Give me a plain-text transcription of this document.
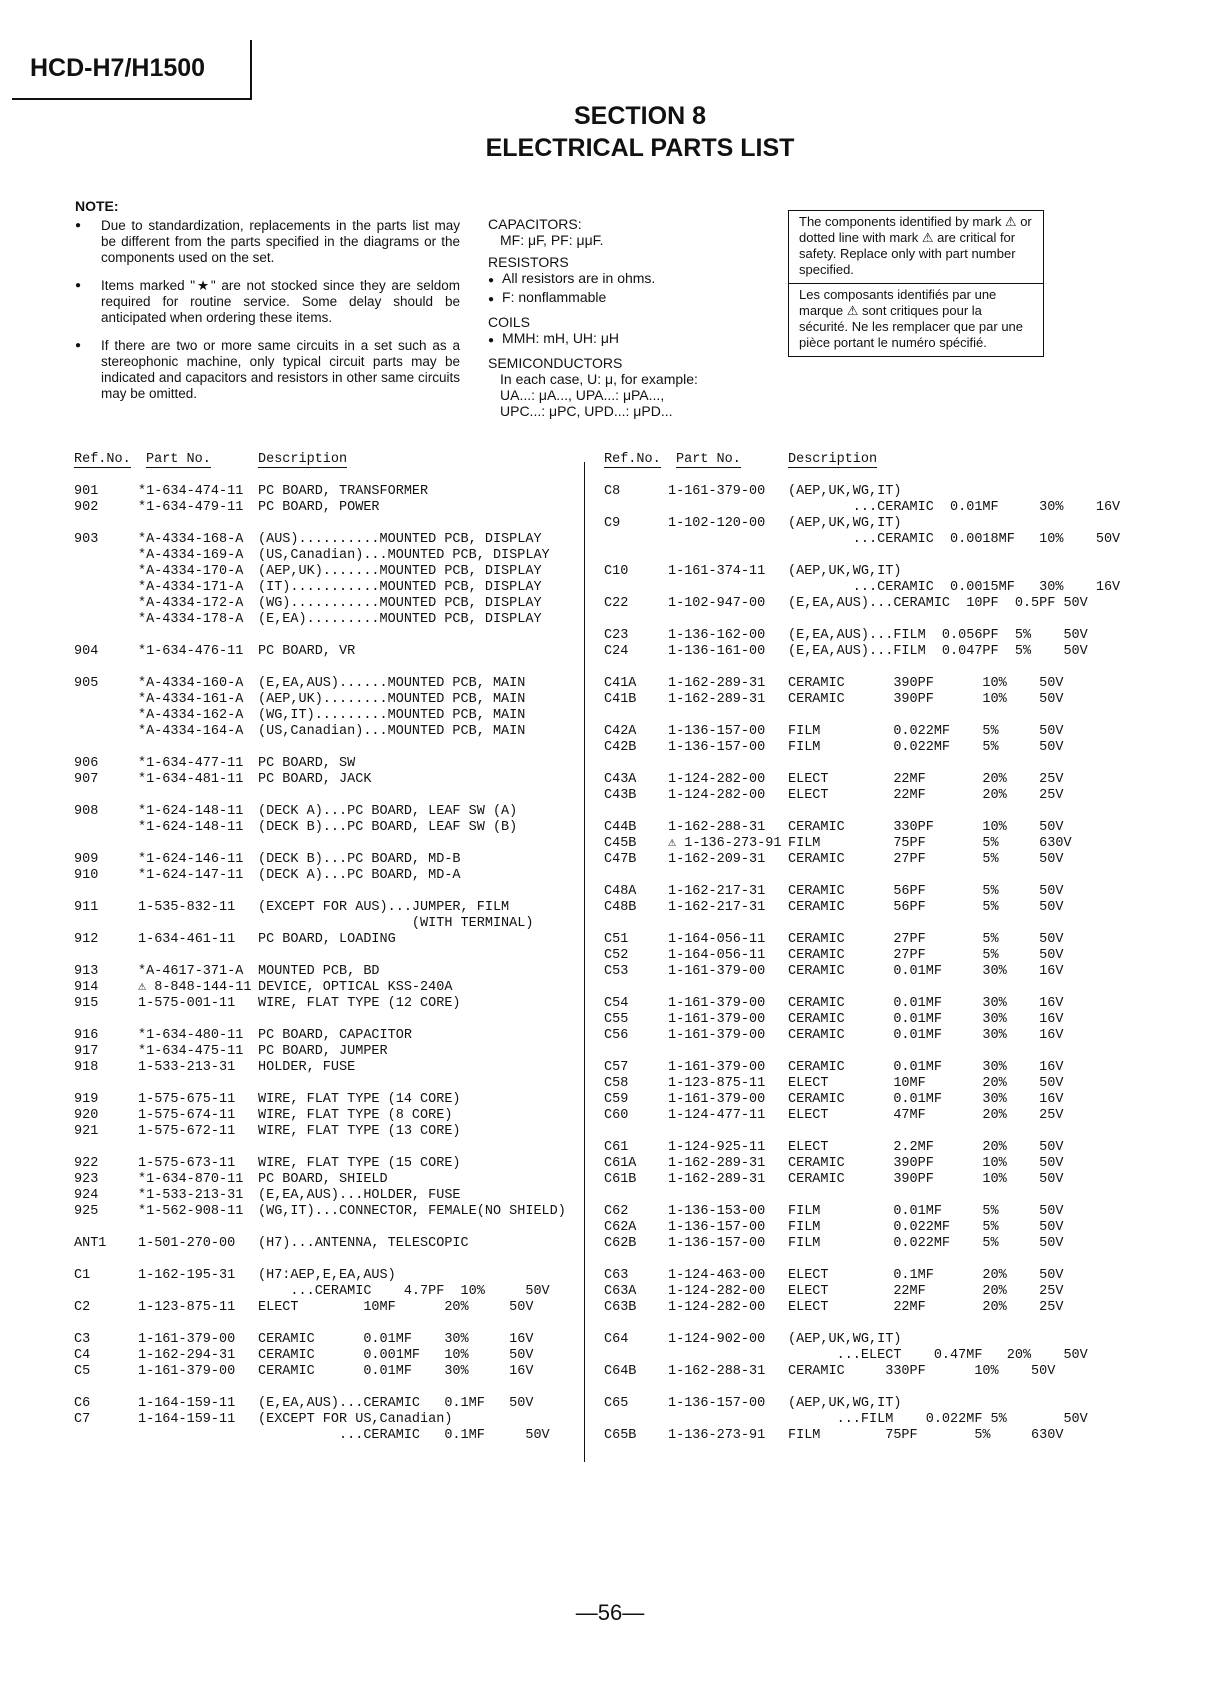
HCD-H7/H1500
SECTION 8
ELECTRICAL PARTS LIST
NOTE:
● Due to standardization, replacements in the parts list may be different from the parts specified in the diagrams or the components used on the set.
● Items marked "★" are not stocked since they are seldom required for routine service. Some delay should be anticipated when ordering these items.
● If there are two or more same circuits in a set such as a stereophonic machine, only typical circuit parts may be indicated and capacitors and resistors in other same circuits may be omitted.
CAPACITORS:
MF: μF, PF: μμF.
RESISTORS
● All resistors are in ohms.
● F: nonflammable
COILS
● MMH: mH, UH: μH
SEMICONDUCTORS
In each case, U: μ, for example:
UA...: μA..., UPA...: μPA...,
UPC...: μPC, UPD...: μPD...
The components identified by mark ⚠ or dotted line with mark ⚠ are critical for safety. Replace only with part number specified.
Les composants identifiés par une marque ⚠ sont critiques pour la sécurité. Ne les remplacer que par une pièce portant le numéro spécifié.
Ref.No. Part No.	Description	Ref.No. Part No.	Description
901	*1-634-474-11 PC BOARD, TRANSFORMER
902	*1-634-479-11 PC BOARD, POWER
903	*A-4334-168-A (AUS)..........MOUNTED PCB, DISPLAY
*A-4334-169-A (US,Canadian)...MOUNTED PCB, DISPLAY
*A-4334-170-A (AEP,UK).......MOUNTED PCB, DISPLAY
*A-4334-171-A (IT)...........MOUNTED PCB, DISPLAY
*A-4334-172-A (WG)...........MOUNTED PCB, DISPLAY
*A-4334-178-A (E,EA).........MOUNTED PCB, DISPLAY
904	*1-634-476-11 PC BOARD, VR
905	*A-4334-160-A (E,EA,AUS)......MOUNTED PCB, MAIN
*A-4334-161-A (AEP,UK)........MOUNTED PCB, MAIN
*A-4334-162-A (WG,IT).........MOUNTED PCB, MAIN
*A-4334-164-A (US,Canadian)...MOUNTED PCB, MAIN
906	*1-634-477-11 PC BOARD, SW
907	*1-634-481-11 PC BOARD, JACK
908	*1-624-148-11 (DECK A)...PC BOARD, LEAF SW (A)
*1-624-148-11 (DECK B)...PC BOARD, LEAF SW (B)
909	*1-624-146-11 (DECK B)...PC BOARD, MD-B
910	*1-624-147-11 (DECK A)...PC BOARD, MD-A
911	1-535-832-11 (EXCEPT FOR AUS)...JUMPER, FILM
(WITH TERMINAL)
912	1-634-461-11 PC BOARD, LOADING
913	*A-4617-371-A MOUNTED PCB, BD
914	⚠ 8-848-144-11 DEVICE, OPTICAL KSS-240A
915	1-575-001-11 WIRE, FLAT TYPE (12 CORE)
916	*1-634-480-11 PC BOARD, CAPACITOR
917	*1-634-475-11 PC BOARD, JUMPER
918	1-533-213-31 HOLDER, FUSE
919	1-575-675-11 WIRE, FLAT TYPE (14 CORE)
920	1-575-674-11 WIRE, FLAT TYPE (8 CORE)
921	1-575-672-11 WIRE, FLAT TYPE (13 CORE)
922	1-575-673-11 WIRE, FLAT TYPE (15 CORE)
923	*1-634-870-11 PC BOARD, SHIELD
924	*1-533-213-31 (E,EA,AUS)...HOLDER, FUSE
925	*1-562-908-11 (WG,IT)...CONNECTOR, FEMALE(NO SHIELD)
ANT1 1-501-270-00 (H7)...ANTENNA, TELESCOPIC
C1	1-162-195-31 (H7:AEP,E,EA,AUS)
...CERAMIC    4.7PF  10%     50V
C2	1-123-875-11 ELECT        10MF      20%     50V
C3	1-161-379-00 CERAMIC      0.01MF    30%     16V
C4	1-162-294-31 CERAMIC      0.001MF   10%     50V
C5	1-161-379-00 CERAMIC      0.01MF    30%     16V
C6	1-164-159-11 (E,EA,AUS)...CERAMIC   0.1MF   50V
C7	1-164-159-11 (EXCEPT FOR US,Canadian)
...CERAMIC   0.1MF     50V
C8	1-161-379-00 (AEP,UK,WG,IT)
...CERAMIC  0.01MF     30%    16V
C9	1-102-120-00 (AEP,UK,WG,IT)
...CERAMIC  0.0018MF   10%    50V
C10	1-161-374-11 (AEP,UK,WG,IT)
...CERAMIC  0.0015MF   30%    16V
C22	1-102-947-00 (E,EA,AUS)...CERAMIC  10PF  0.5PF 50V
C23	1-136-162-00 (E,EA,AUS)...FILM  0.056PF  5%    50V
C24	1-136-161-00 (E,EA,AUS)...FILM  0.047PF  5%    50V
C41A 1-162-289-31 CERAMIC      390PF      10%    50V
C41B 1-162-289-31 CERAMIC      390PF      10%    50V
C42A 1-136-157-00 FILM         0.022MF    5%     50V
C42B 1-136-157-00 FILM         0.022MF    5%     50V
C43A 1-124-282-00 ELECT        22MF       20%    25V
C43B 1-124-282-00 ELECT        22MF       20%    25V
C44B 1-162-288-31 CERAMIC      330PF      10%    50V
C45B ⚠ 1-136-273-91 FILM         75PF       5%     630V
C47B 1-162-209-31 CERAMIC      27PF       5%     50V
C48A 1-162-217-31 CERAMIC      56PF       5%     50V
C48B 1-162-217-31 CERAMIC      56PF       5%     50V
C51	1-164-056-11 CERAMIC      27PF       5%     50V
C52	1-164-056-11 CERAMIC      27PF       5%     50V
C53	1-161-379-00 CERAMIC      0.01MF     30%    16V
C54	1-161-379-00 CERAMIC      0.01MF     30%    16V
C55	1-161-379-00 CERAMIC      0.01MF     30%    16V
C56	1-161-379-00 CERAMIC      0.01MF     30%    16V
C57	1-161-379-00 CERAMIC      0.01MF     30%    16V
C58	1-123-875-11 ELECT        10MF       20%    50V
C59	1-161-379-00 CERAMIC      0.01MF     30%    16V
C60	1-124-477-11 ELECT        47MF       20%    25V
C61	1-124-925-11 ELECT        2.2MF      20%    50V
C61A 1-162-289-31 CERAMIC      390PF      10%    50V
C61B 1-162-289-31 CERAMIC      390PF      10%    50V
C62	1-136-153-00 FILM         0.01MF     5%     50V
C62A 1-136-157-00 FILM         0.022MF    5%     50V
C62B 1-136-157-00 FILM         0.022MF    5%     50V
C63	1-124-463-00 ELECT        0.1MF      20%    50V
C63A 1-124-282-00 ELECT        22MF       20%    25V
C63B 1-124-282-00 ELECT        22MF       20%    25V
C64	1-124-902-00 (AEP,UK,WG,IT)
...ELECT    0.47MF   20%    50V
C64B 1-162-288-31 CERAMIC     330PF      10%    50V
C65	1-136-157-00 (AEP,UK,WG,IT)
...FILM    0.022MF 5%       50V
C65B 1-136-273-91 FILM        75PF       5%     630V
—56—
